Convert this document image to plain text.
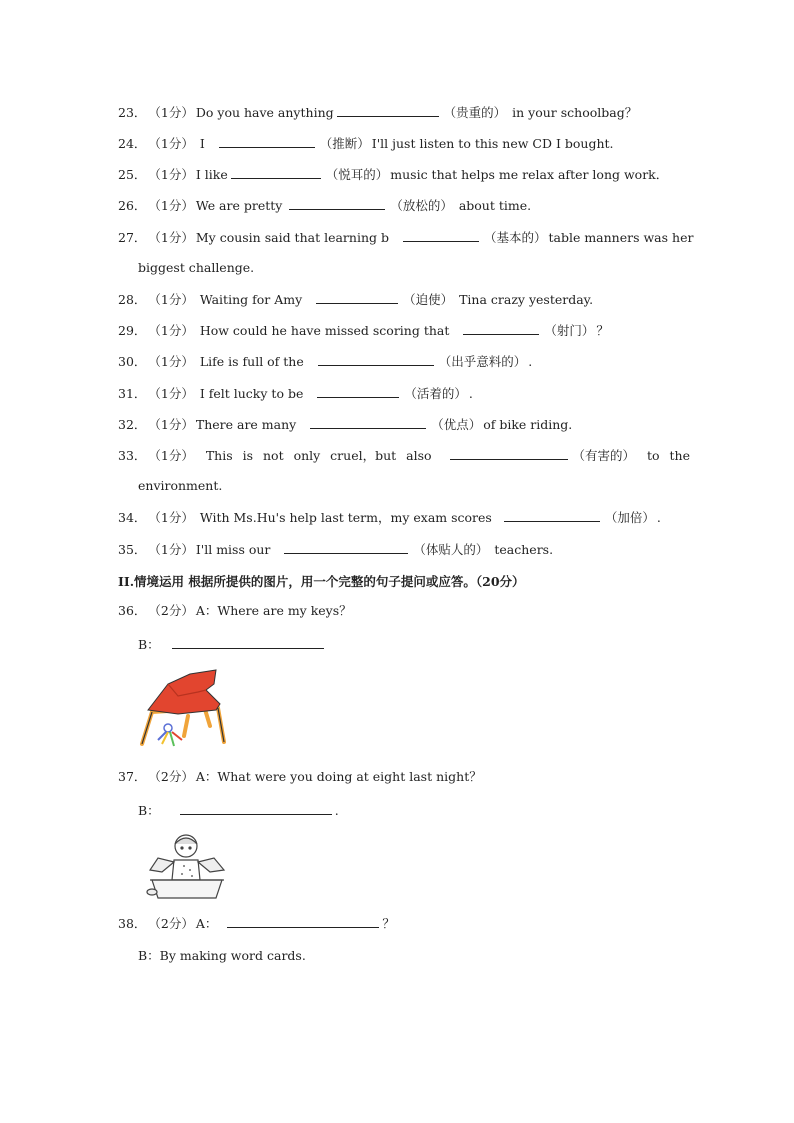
23． （1分） Do you have anything	（贵重的） in your schoolbag？
24． （1分） I	（推断） I'll just listen to this new CD I bought.
25． （1分） I like	（悦耳的） music that helps me relax after long work．
26． （1分） We are pretty	（放松的） about time.
27． （1分） My cousin said that learning b	（基本的）table manners was her
biggest challenge.
28． （1分） Waiting for Amy	（迫使） Tina crazy yesterday.
29． （1分） How could he have missed scoring that	（射门） ？
30． （1分） Life is full of the	（出乎意料的） .
31． （1分） I felt lucky to be	（活着的） .
32． （1分） There are many	（优点）of bike riding.
33． （1分） This is not only cruel，but also	（有害的） to the
environment.
34． （1分） With Ms.Hu's help last term，my exam scores	（加倍） .
35． （1分） I'll miss our	（体贴人的） teachers.
II.情境运用 根据所提供的图片，用一个完整的句子提问或应答。（20分）
36． （2分） A：Where are my keys？
B：
37． （2分） A：What were you doing at eight last night？
B：	.
38． （2分） A：	？
B：By making word cards.
